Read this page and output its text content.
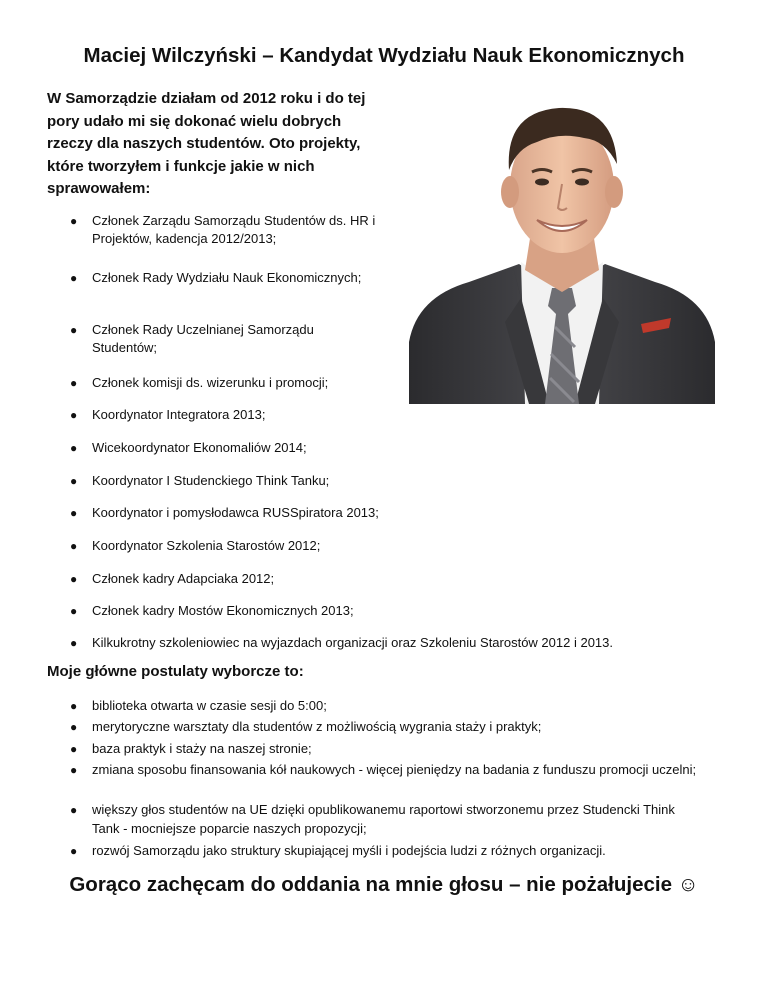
Maciej Wilczyński – Kandydat Wydziału Nauk Ekonomicznych
W Samorządzie działam od 2012 roku i do tej pory udało mi się dokonać wielu dobrych rzeczy dla naszych studentów. Oto projekty, które tworzyłem i funkcje jakie w nich sprawowałem:
● Członek Zarządu Samorządu Studentów ds. HR i Projektów, kadencja 2012/2013;
● Członek Rady Wydziału Nauk Ekonomicznych;
● Członek Rady Uczelnianej Samorządu Studentów;
● Członek komisji ds. wizerunku i promocji;
● Koordynator Integratora 2013;
● Wicekoordynator Ekonomaliów 2014;
● Koordynator I Studenckiego Think Tanku;
● Koordynator i pomysłodawca RUSSpiratora 2013;
● Koordynator Szkolenia Starostów 2012;
● Członek kadry Adapciaka 2012;
● Członek kadry Mostów Ekonomicznych 2013;
● Kilkukrotny szkoleniowiec na wyjazdach organizacji oraz Szkoleniu Starostów 2012 i 2013.
Moje główne postulaty wyborcze to:
● biblioteka otwarta w czasie sesji do 5:00;
● merytoryczne warsztaty dla studentów z możliwością wygrania staży i praktyk;
● baza praktyk i staży na naszej stronie;
● zmiana sposobu finansowania kół naukowych - więcej pieniędzy na badania z funduszu promocji uczelni;
● większy głos studentów na UE dzięki opublikowanemu raportowi stworzonemu przez Studencki Think Tank - mocniejsze poparcie naszych propozycji;
● rozwój Samorządu jako struktury skupiającej myśli i podejścia ludzi z różnych organizacji.
Gorąco zachęcam do oddania na mnie głosu – nie pożałujecie ☺
